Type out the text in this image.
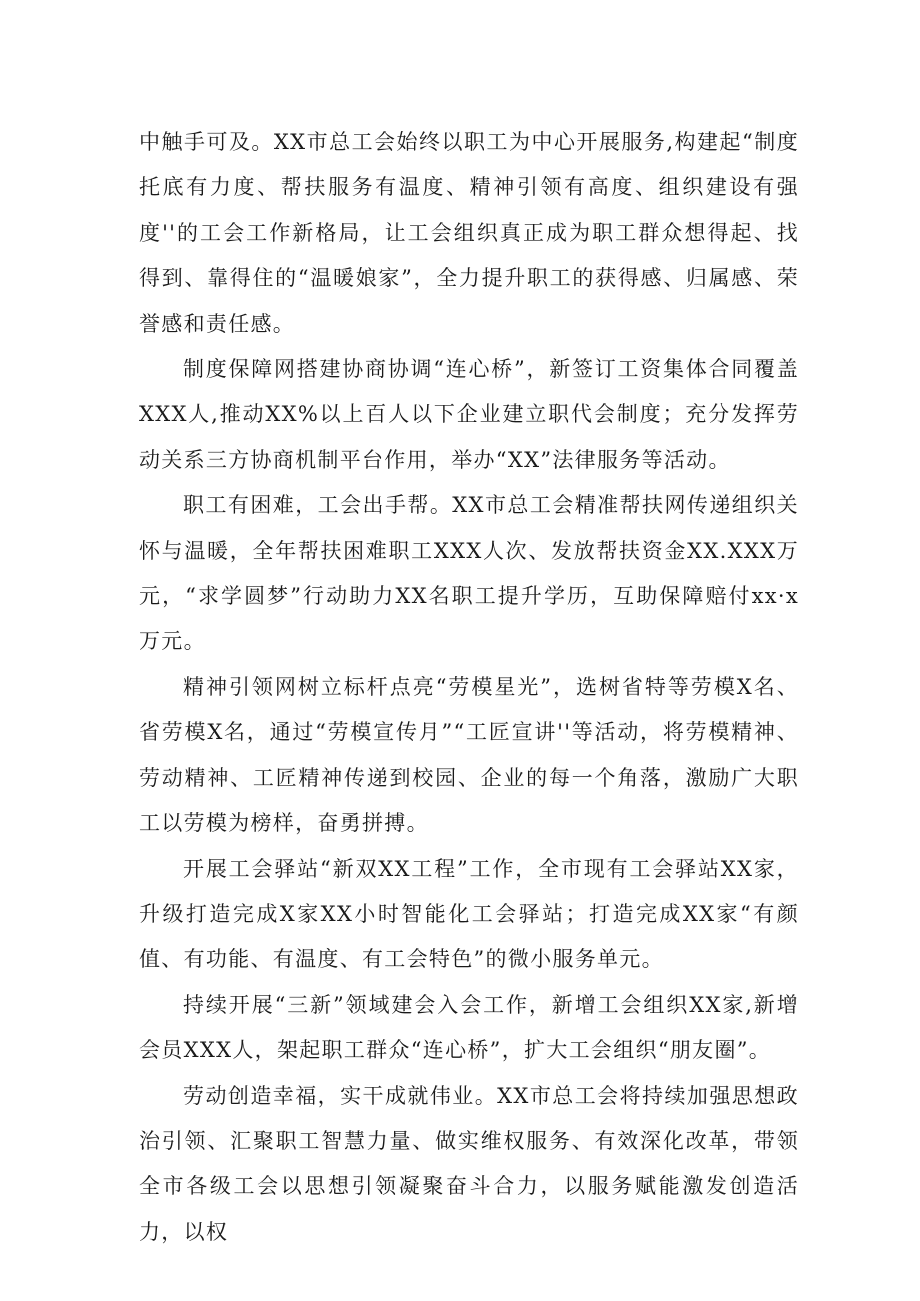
中触手可及。XX市总工会始终以职工为中心开展服务,构建起“制度托底有力度、帮扶服务有温度、精神引领有高度、组织建设有强度''的工会工作新格局，让工会组织真正成为职工群众想得起、找得到、靠得住的“温暖娘家”，全力提升职工的获得感、归属感、荣誉感和责任感。

制度保障网搭建协商协调“连心桥”，新签订工资集体合同覆盖XXX人,推动XX%以上百人以下企业建立职代会制度；充分发挥劳动关系三方协商机制平台作用，举办“XX”法律服务等活动。

职工有困难，工会出手帮。XX市总工会精准帮扶网传递组织关怀与温暖，全年帮扶困难职工XXX人次、发放帮扶资金XX.XXX万元，“求学圆梦”行动助力XX名职工提升学历，互助保障赔付xx·x万元。

精神引领网树立标杆点亮“劳模星光”，选树省特等劳模X名、省劳模X名，通过“劳模宣传月”“工匠宣讲''等活动，将劳模精神、劳动精神、工匠精神传递到校园、企业的每一个角落，激励广大职工以劳模为榜样，奋勇拼搏。

开展工会驿站“新双XX工程”工作，全市现有工会驿站XX家，升级打造完成X家XX小时智能化工会驿站；打造完成XX家“有颜值、有功能、有温度、有工会特色”的微小服务单元。

持续开展“三新”领域建会入会工作，新增工会组织XX家,新增会员XXX人，架起职工群众“连心桥”，扩大工会组织“朋友圈”。

劳动创造幸福，实干成就伟业。XX市总工会将持续加强思想政治引领、汇聚职工智慧力量、做实维权服务、有效深化改革，带领全市各级工会以思想引领凝聚奋斗合力，以服务赋能激发创造活力，以权
